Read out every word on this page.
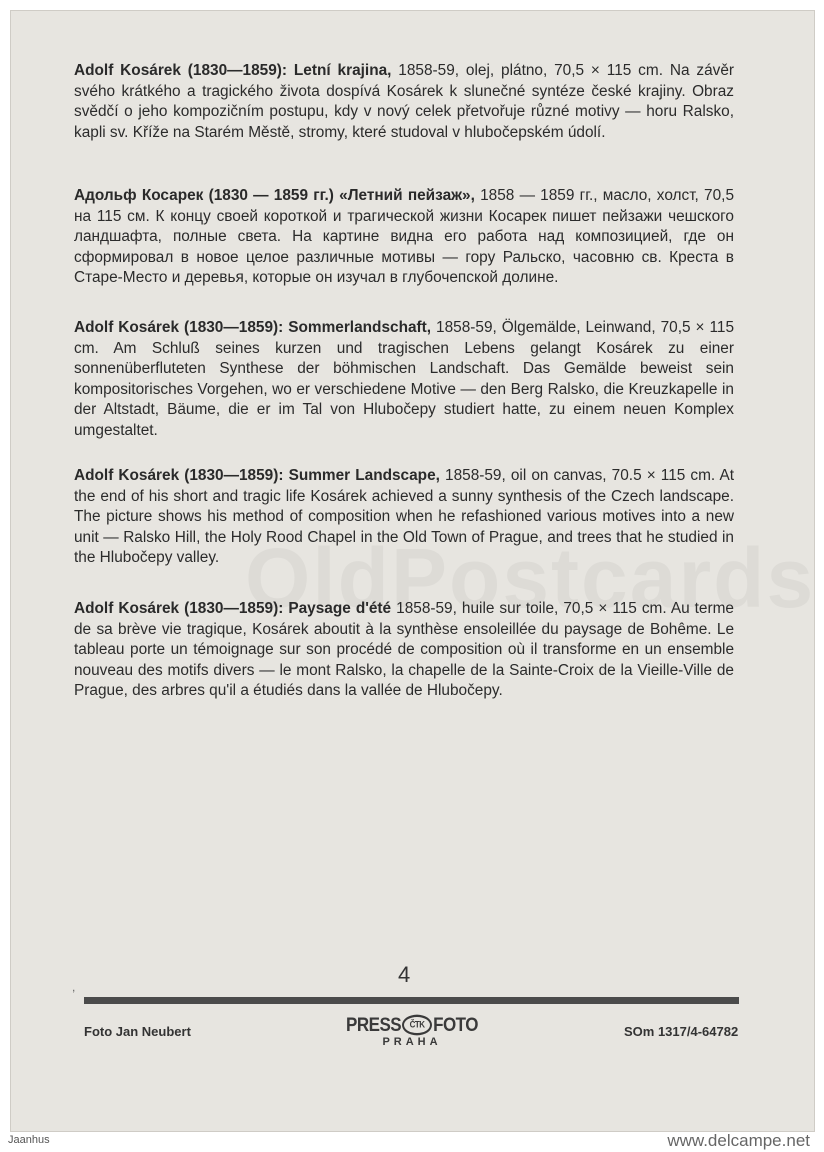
Adolf Kosárek (1830—1859): Letní krajina, 1858-59, olej, plátno, 70,5 × 115 cm. Na závěr svého krátkého a tragického života dospívá Kosárek k slunečné syntéze české krajiny. Obraz svědčí o jeho kompozičním postupu, kdy v nový celek přetvořuje různé motivy — horu Ralsko, kapli sv. Kříže na Starém Městě, stromy, které studoval v hlubočepském údolí.

Адольф Косарек (1830 — 1859 гг.) «Летний пейзаж», 1858 — 1859 гг., масло, холст, 70,5 на 115 см. К концу своей короткой и трагической жизни Косарек пишет пейзажи чешского ландшафта, полные света. На картине видна его работа над композицией, где он сформировал в новое целое различные мотивы — гору Ральско, часовню св. Креста в Старе-Место и деревья, которые он изучал в глубочепской долине.

Adolf Kosárek (1830—1859): Sommerlandschaft, 1858-59, Ölgemälde, Leinwand, 70,5 × 115 cm. Am Schluß seines kurzen und tragischen Lebens gelangt Kosárek zu einer sonnenüberfluteten Synthese der böhmischen Landschaft. Das Gemälde beweist sein kompositorisches Vorgehen, wo er verschiedene Motive — den Berg Ralsko, die Kreuzkapelle in der Altstadt, Bäume, die er im Tal von Hlubočepy studiert hatte, zu einem neuen Komplex umgestaltet.

Adolf Kosárek (1830—1859): Summer Landscape, 1858-59, oil on canvas, 70.5 × 115 cm. At the end of his short and tragic life Kosárek achieved a sunny synthesis of the Czech landscape. The picture shows his method of composition when he refashioned various motives into a new unit — Ralsko Hill, the Holy Rood Chapel in the Old Town of Prague, and trees that he studied in the Hlubočepy valley.

Adolf Kosárek (1830—1859): Paysage d'été 1858-59, huile sur toile, 70,5 × 115 cm. Au terme de sa brève vie tragique, Kosárek aboutit à la synthèse ensoleillée du paysage de Bohême. Le tableau porte un témoignage sur son procédé de composition où il transforme en un ensemble nouveau des motifs divers — le mont Ralsko, la chapelle de la Sainte-Croix de la Vieille-Ville de Prague, des arbres qu'il a étudiés dans la vallée de Hlubočepy.

,	4
Foto Jan Neubert	PRESS	ČTK FOTO
PRAHA
SOm 1317/4-64782
Jaanhus	www.delcampe.net
